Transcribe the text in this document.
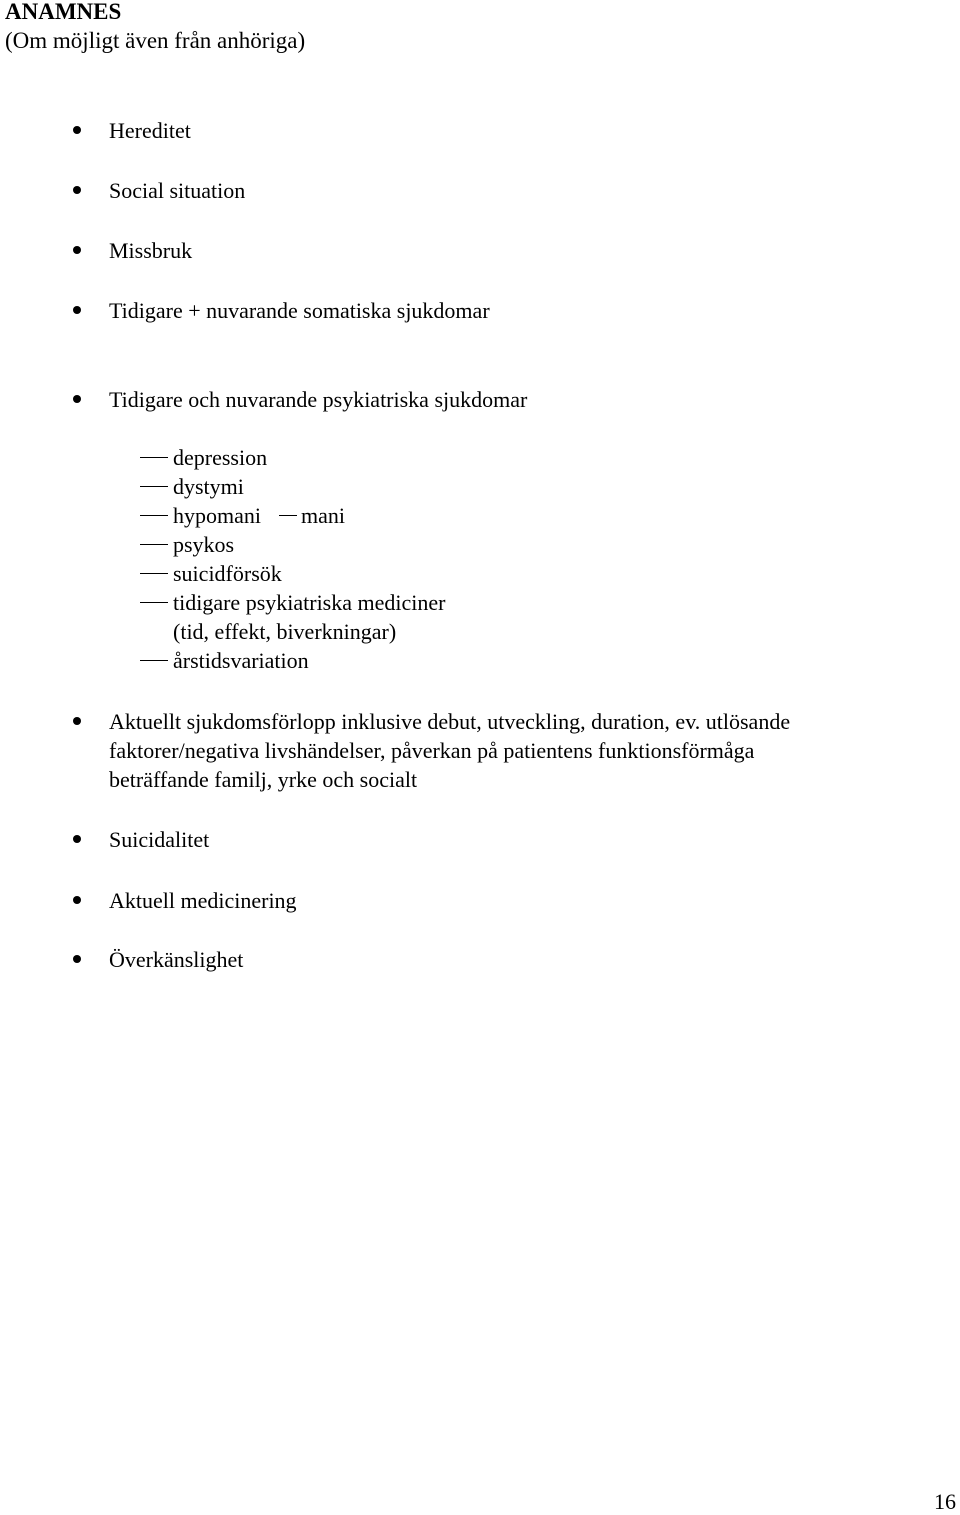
ANAMNES
(Om möjligt även från anhöriga)
Hereditet
Social situation
Missbruk
Tidigare + nuvarande somatiska sjukdomar
Tidigare och nuvarande psykiatriska sjukdomar
depression
dystymi
hypomani mani
psykos
suicidförsök
tidigare psykiatriska mediciner
(tid, effekt, biverkningar)
årstidsvariation
Aktuellt sjukdomsförlopp inklusive debut, utveckling, duration, ev. utlösande
faktorer/negativa livshändelser, påverkan på patientens funktionsförmåga
beträffande familj, yrke och socialt
Suicidalitet
Aktuell medicinering
Överkänslighet
16
